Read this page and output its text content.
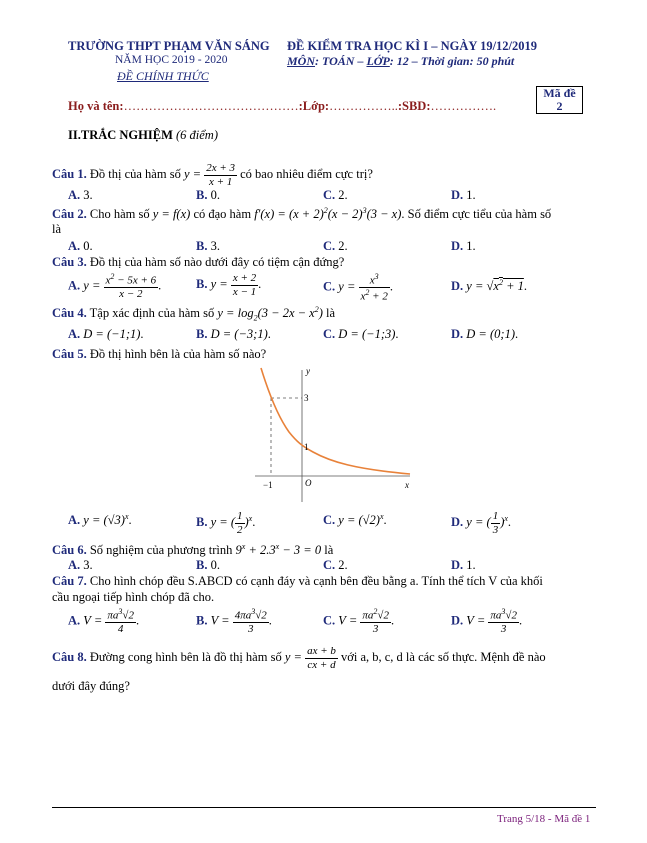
TRƯỜNG THPT PHẠM VĂN SÁNG ĐỀ KIỂM TRA HỌC KÌ I – NGÀY 19/12/2019
NĂM HỌC 2019 - 2020	MÔN: TOÁN – LỚP: 12 – Thời gian: 50 phút
ĐỀ CHÍNH THỨC
Mã đề
2
Họ và tên:……………………………………:Lớp:……………..:SBD:…………….
II.TRẮC NGHIỆM (6 điểm)
Câu 1. Đồ thị của hàm số $y = \frac{2x + 3}{x + 1}$ có bao nhiêu điểm cực trị?
A. 3.	B. 0.	C. 2.	D. 1.
Câu 2. Cho hàm số y = f(x) có đạo hàm $f'(x) = (x + 2)^2(x - 2)^3(3 - x)$. Số điểm cực tiểu của hàm số
là
A. 0.	B. 3.	C. 2.	D. 1.
Câu 3. Đồ thị của hàm số nào dưới đây có tiệm cận đứng?
A. $y = \frac{x^2 - 5x + 6}{x - 2}$ .	B. $y = \frac{x + 2}{x - 1}$ .	C. $y = \frac{x^3}{x^2 + 2}$ .	D. $y = √x^2 + 1$.
Câu 4. Tập xác định của hàm số $y = \log_2(3 - 2x - x^2)$ là
A. D = (−1;1).	B. D = (−3;1).	C. D = (−1;3).	D. D = (0;1).
Câu 5. Đồ thị hình bên là của hàm số nào?
y
x
O
3
1
−1
A. $y = (√3)^x$.	B. y = ( $\frac{1}{2} )^x$.	C. $y = (√2)^x$.	D. y = ( $\frac{1}{3} )^x$.
Câu 6. Số nghiệm của phương trình $9^x + 2.3^x - 3 = 0$ là
A. 3.	B. 0.	C. 2.	D. 1.
Câu 7. Cho hình chóp đều S.ABCD có cạnh đáy và cạnh bên đều bằng a. Tính thể tích V của khối
cầu ngoại tiếp hình chóp đã cho.
A. $V = \frac{\pi a^3√2}{4}$ .	B. $V = \frac{4\pi a^3√2}{3}$ .	C. $V = \frac{\pi a^2√2}{3}$ .	D. $V = \frac{\pi a^3√2}{3}$ .
Câu 8. Đường cong hình bên là đồ thị hàm số $y = \frac{ax + b}{cx + d}$ với a, b, c, d là các số thực. Mệnh đề nào
dưới đây đúng?
Trang 5/18 - Mã đề 1
